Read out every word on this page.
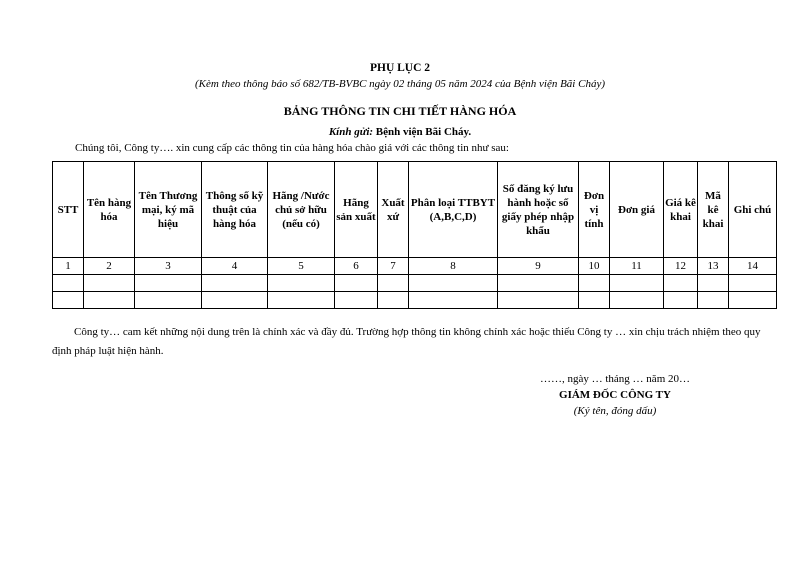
PHỤ LỤC 2
(Kèm theo thông báo số 682/TB-BVBC ngày 02 tháng 05 năm 2024 của Bệnh viện Bãi Cháy)
BẢNG THÔNG TIN CHI TIẾT HÀNG HÓA
Kính gửi: Bệnh viện Bãi Cháy.
Chúng tôi, Công ty…. xin cung cấp các thông tin của hàng hóa chào giá với các thông tin như sau:
STT	Tên hàng hóa	Tên Thương mại, ký mã hiệu	Thông số kỹ thuật của hàng hóa	Hãng /Nước chủ sở hữu (nếu có)	Hãng sản xuất	Xuất xứ	Phân loại TTBYT (A,B,C,D)	Số đăng ký lưu hành hoặc số giấy phép nhập khẩu	Đơn vị tính	Đơn giá	Giá kê khai	Mã kê khai	Ghi chú
1	2	3	4	5	6	7	8	9	10	11	12	13	14

Công ty… cam kết những nội dung trên là chính xác và đầy đủ. Trường hợp thông tin không chính xác hoặc thiếu Công ty … xin chịu trách nhiệm theo quy định pháp luật hiện hành.
……, ngày … tháng … năm 20…
GIÁM ĐỐC CÔNG TY
(Ký tên, đóng dấu)
